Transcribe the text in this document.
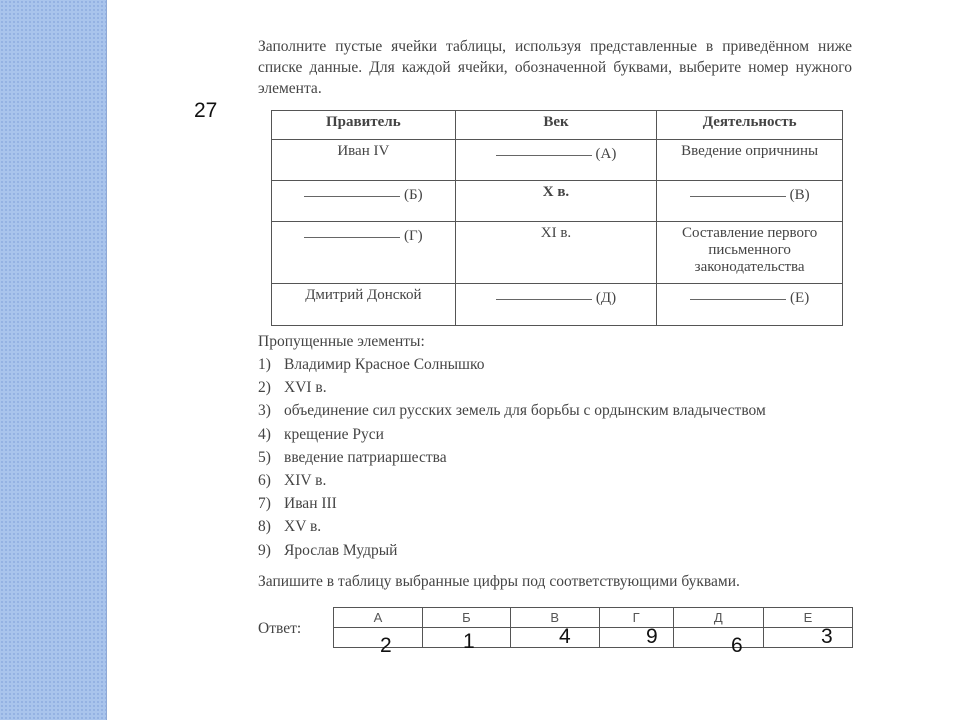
27
Заполните пустые ячейки таблицы, используя представленные в приведённом ниже списке данные. Для каждой ячейки, обозначенной буквами, выберите номер нужного элемента.
Правитель	Век	Деятельность
Иван IV	(А)	Введение опричнины
(Б)	X в.	(В)
(Г)	XI в.	Составление первого письменного законодательства
Дмитрий Донской	(Д)	(Е)
Пропущенные элементы:
1) Владимир Красное Солнышко
2) XVI в.
3) объединение сил русских земель для борьбы с ордынским владычеством
4) крещение Руси
5) введение патриаршества
6) XIV в.
7) Иван III
8) XV в.
9) Ярослав Мудрый
Запишите в таблицу выбранные цифры под соответствующими буквами.
Ответ:
А	Б	В	Г	Д	Е

2	1	4	9	6	3
